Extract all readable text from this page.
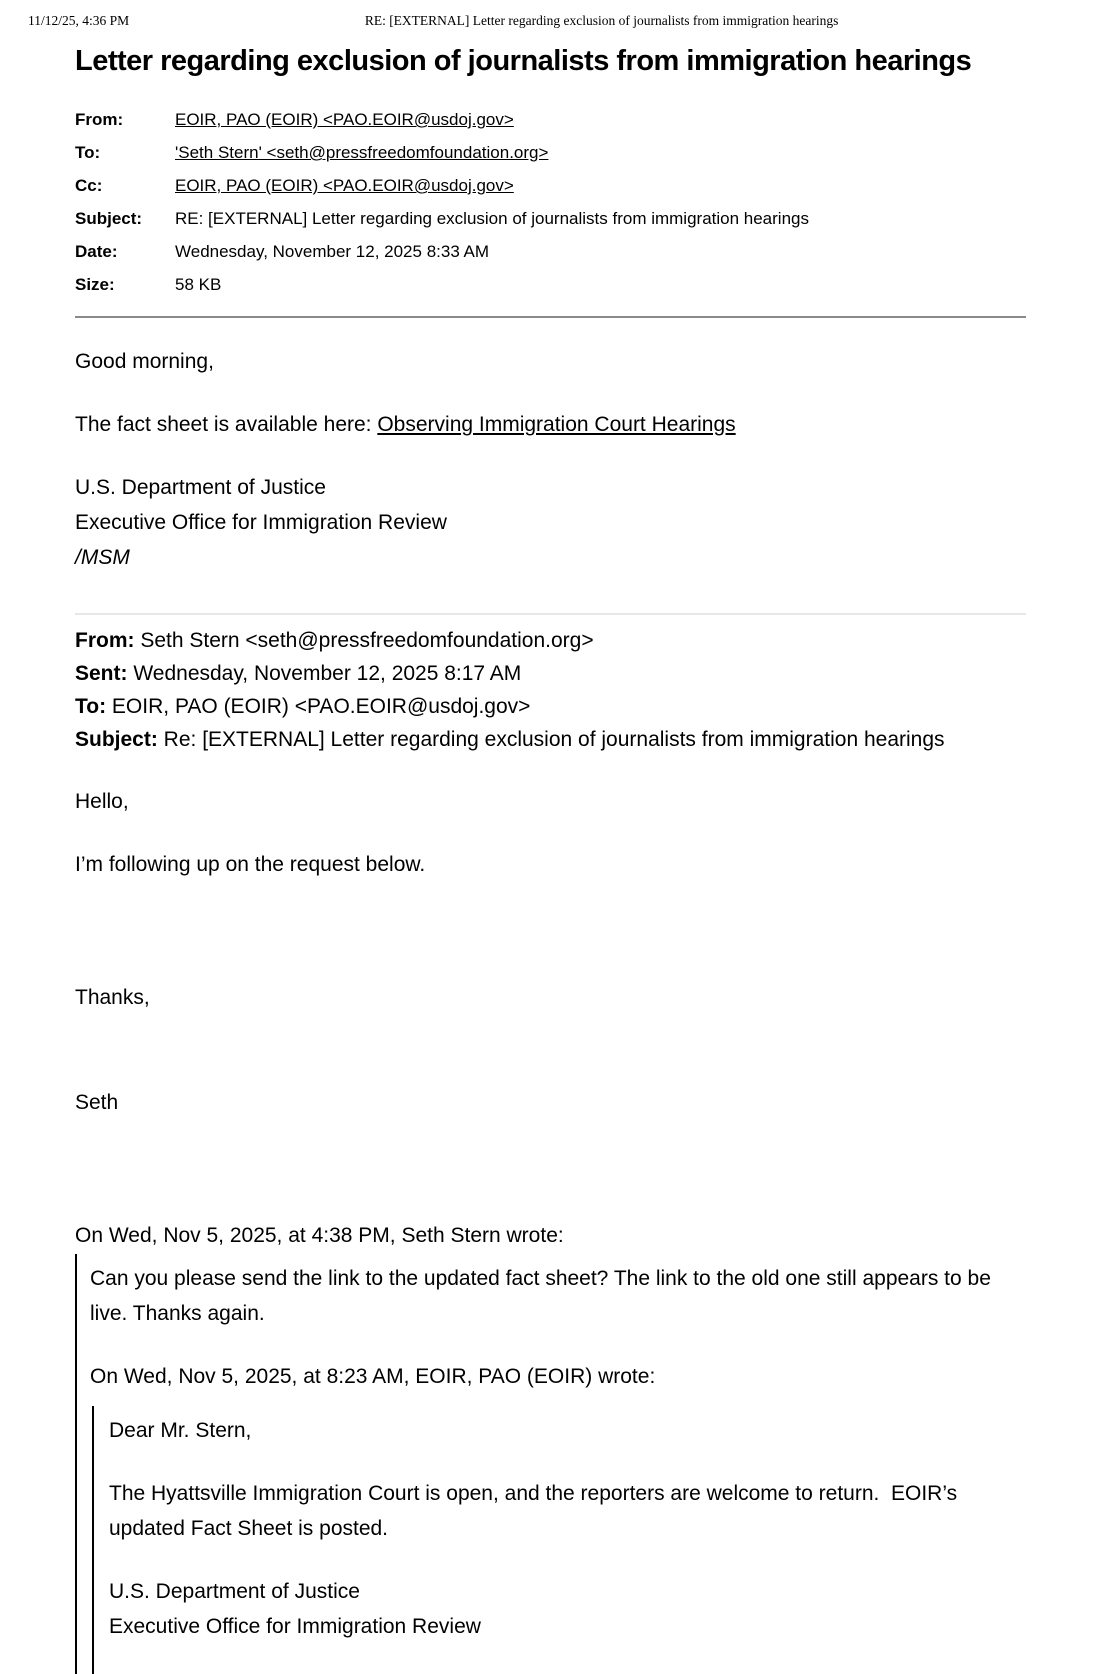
11/12/25, 4:36 PM	RE: [EXTERNAL] Letter regarding exclusion of journalists from immigration hearings
Letter regarding exclusion of journalists from immigration hearings
From:	EOIR, PAO (EOIR) <PAO.EOIR@usdoj.gov>
To:	'Seth Stern' <seth@pressfreedomfoundation.org>
Cc:	EOIR, PAO (EOIR) <PAO.EOIR@usdoj.gov>
Subject: RE: [EXTERNAL] Letter regarding exclusion of journalists from immigration hearings
Date:	Wednesday, November 12, 2025 8:33 AM
Size:	58 KB
Good morning,
The fact sheet is available here: Observing Immigration Court Hearings
U.S. Department of Justice
Executive Office for Immigration Review
/MSM
From: Seth Stern <seth@pressfreedomfoundation.org>
Sent: Wednesday, November 12, 2025 8:17 AM
To: EOIR, PAO (EOIR) <PAO.EOIR@usdoj.gov>
Subject: Re: [EXTERNAL] Letter regarding exclusion of journalists from immigration hearings
Hello,
I’m following up on the request below.

Thanks,

Seth

On Wed, Nov 5, 2025, at 4:38 PM, Seth Stern wrote:
Can you please send the link to the updated fact sheet? The link to the old one still appears to be live. Thanks again.
On Wed, Nov 5, 2025, at 8:23 AM, EOIR, PAO (EOIR) wrote:
Dear Mr. Stern,
The Hyattsville Immigration Court is open, and the reporters are welcome to return.  EOIR’s updated Fact Sheet is posted.
U.S. Department of Justice
Executive Office for Immigration Review
